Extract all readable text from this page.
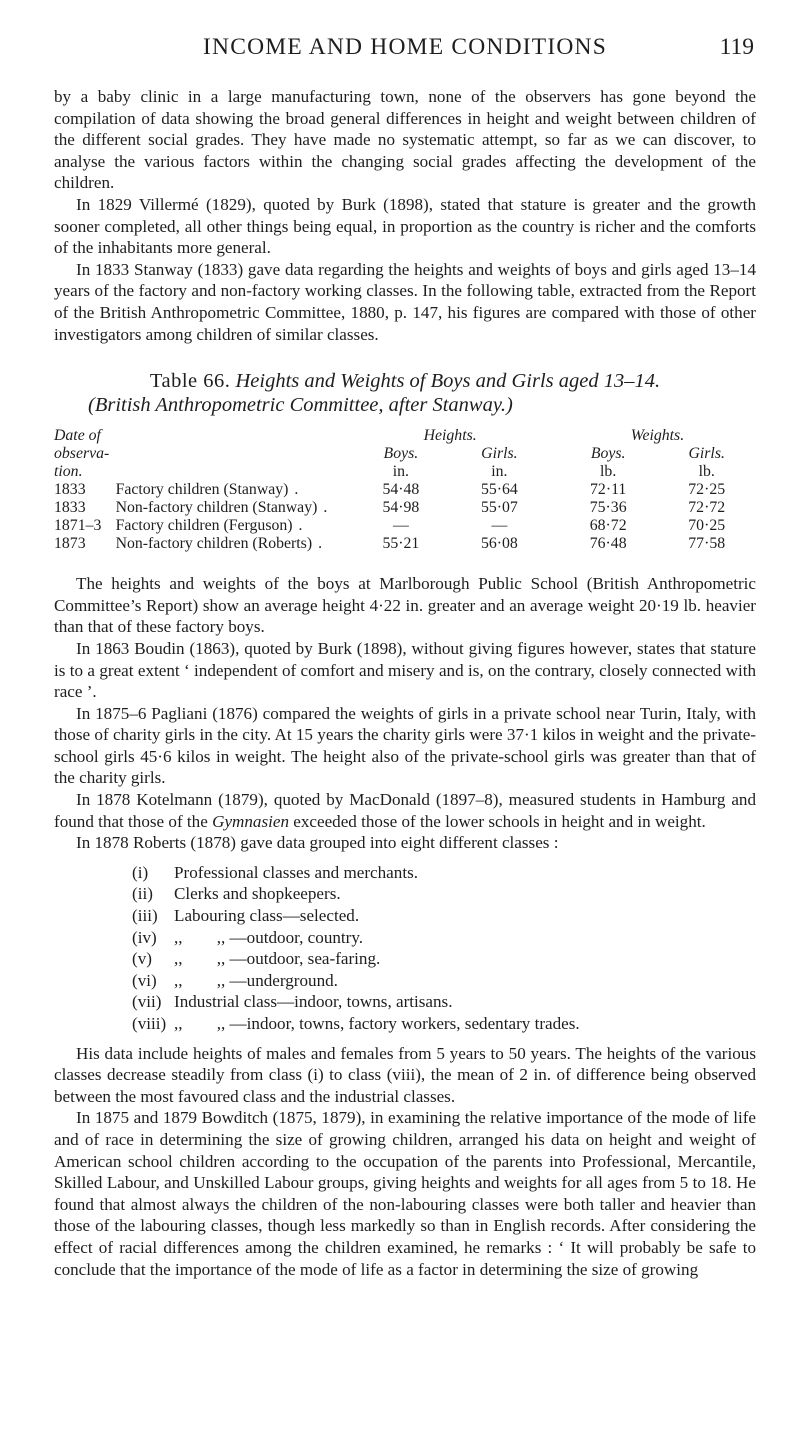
INCOME AND HOME CONDITIONS	119

by a baby clinic in a large manufacturing town, none of the observers has gone beyond the compilation of data showing the broad general differences in height and weight between children of the different social grades. They have made no systematic attempt, so far as we can discover, to analyse the various factors within the changing social grades affecting the development of the children.

In 1829 Villermé (1829), quoted by Burk (1898), stated that stature is greater and the growth sooner completed, all other things being equal, in proportion as the country is richer and the comforts of the inhabitants more general.

In 1833 Stanway (1833) gave data regarding the heights and weights of boys and girls aged 13–14 years of the factory and non-factory working classes. In the following table, extracted from the Report of the British Anthropometric Committee, 1880, p. 147, his figures are compared with those of other investigators among children of similar classes.

Table 66. Heights and Weights of Boys and Girls aged 13–14.
(British Anthropometric Committee, after Stanway.)
Date of		Heights.			Weights.	
observa-		Boys.	Girls.		Boys.	Girls.
tion.		in.	in.		lb.	lb.
1833	Factory children (Stanway) .	54·48	55·64		72·11	72·25
1833	Non-factory children (Stanway) .	54·98	55·07		75·36	72·72
1871–3	Factory children (Ferguson) .	—	—		68·72	70·25
1873	Non-factory children (Roberts) .	55·21	56·08		76·48	77·58

The heights and weights of the boys at Marlborough Public School (British Anthropometric Committee’s Report) show an average height 4·22 in. greater and an average weight 20·19 lb. heavier than that of these factory boys.

In 1863 Boudin (1863), quoted by Burk (1898), without giving figures however, states that stature is to a great extent ‘ independent of comfort and misery and is, on the contrary, closely connected with race ’.

In 1875–6 Pagliani (1876) compared the weights of girls in a private school near Turin, Italy, with those of charity girls in the city. At 15 years the charity girls were 37·1 kilos in weight and the private-school girls 45·6 kilos in weight. The height also of the private-school girls was greater than that of the charity girls.

In 1878 Kotelmann (1879), quoted by MacDonald (1897–8), measured students in Hamburg and found that those of the Gymnasien exceeded those of the lower schools in height and in weight.

In 1878 Roberts (1878) gave data grouped into eight different classes :

(i)	Professional classes and merchants.
(ii)	Clerks and shopkeepers.
(iii) Labouring class—selected.
(iv)	,,        ,, —outdoor, country.
(v)	,,        ,, —outdoor, sea-faring.
(vi)	,,        ,, —underground.
(vii) Industrial class—indoor, towns, artisans.
(viii) ,,        ,, —indoor, towns, factory workers, sedentary trades.

His data include heights of males and females from 5 years to 50 years. The heights of the various classes decrease steadily from class (i) to class (viii), the mean of 2 in. of difference being observed between the most favoured class and the industrial classes.

In 1875 and 1879 Bowditch (1875, 1879), in examining the relative importance of the mode of life and of race in determining the size of growing children, arranged his data on height and weight of American school children according to the occupation of the parents into Professional, Mercantile, Skilled Labour, and Unskilled Labour groups, giving heights and weights for all ages from 5 to 18. He found that almost always the children of the non-labouring classes were both taller and heavier than those of the labouring classes, though less markedly so than in English records. After considering the effect of racial differences among the children examined, he remarks : ‘ It will probably be safe to conclude that the importance of the mode of life as a factor in determining the size of growing
